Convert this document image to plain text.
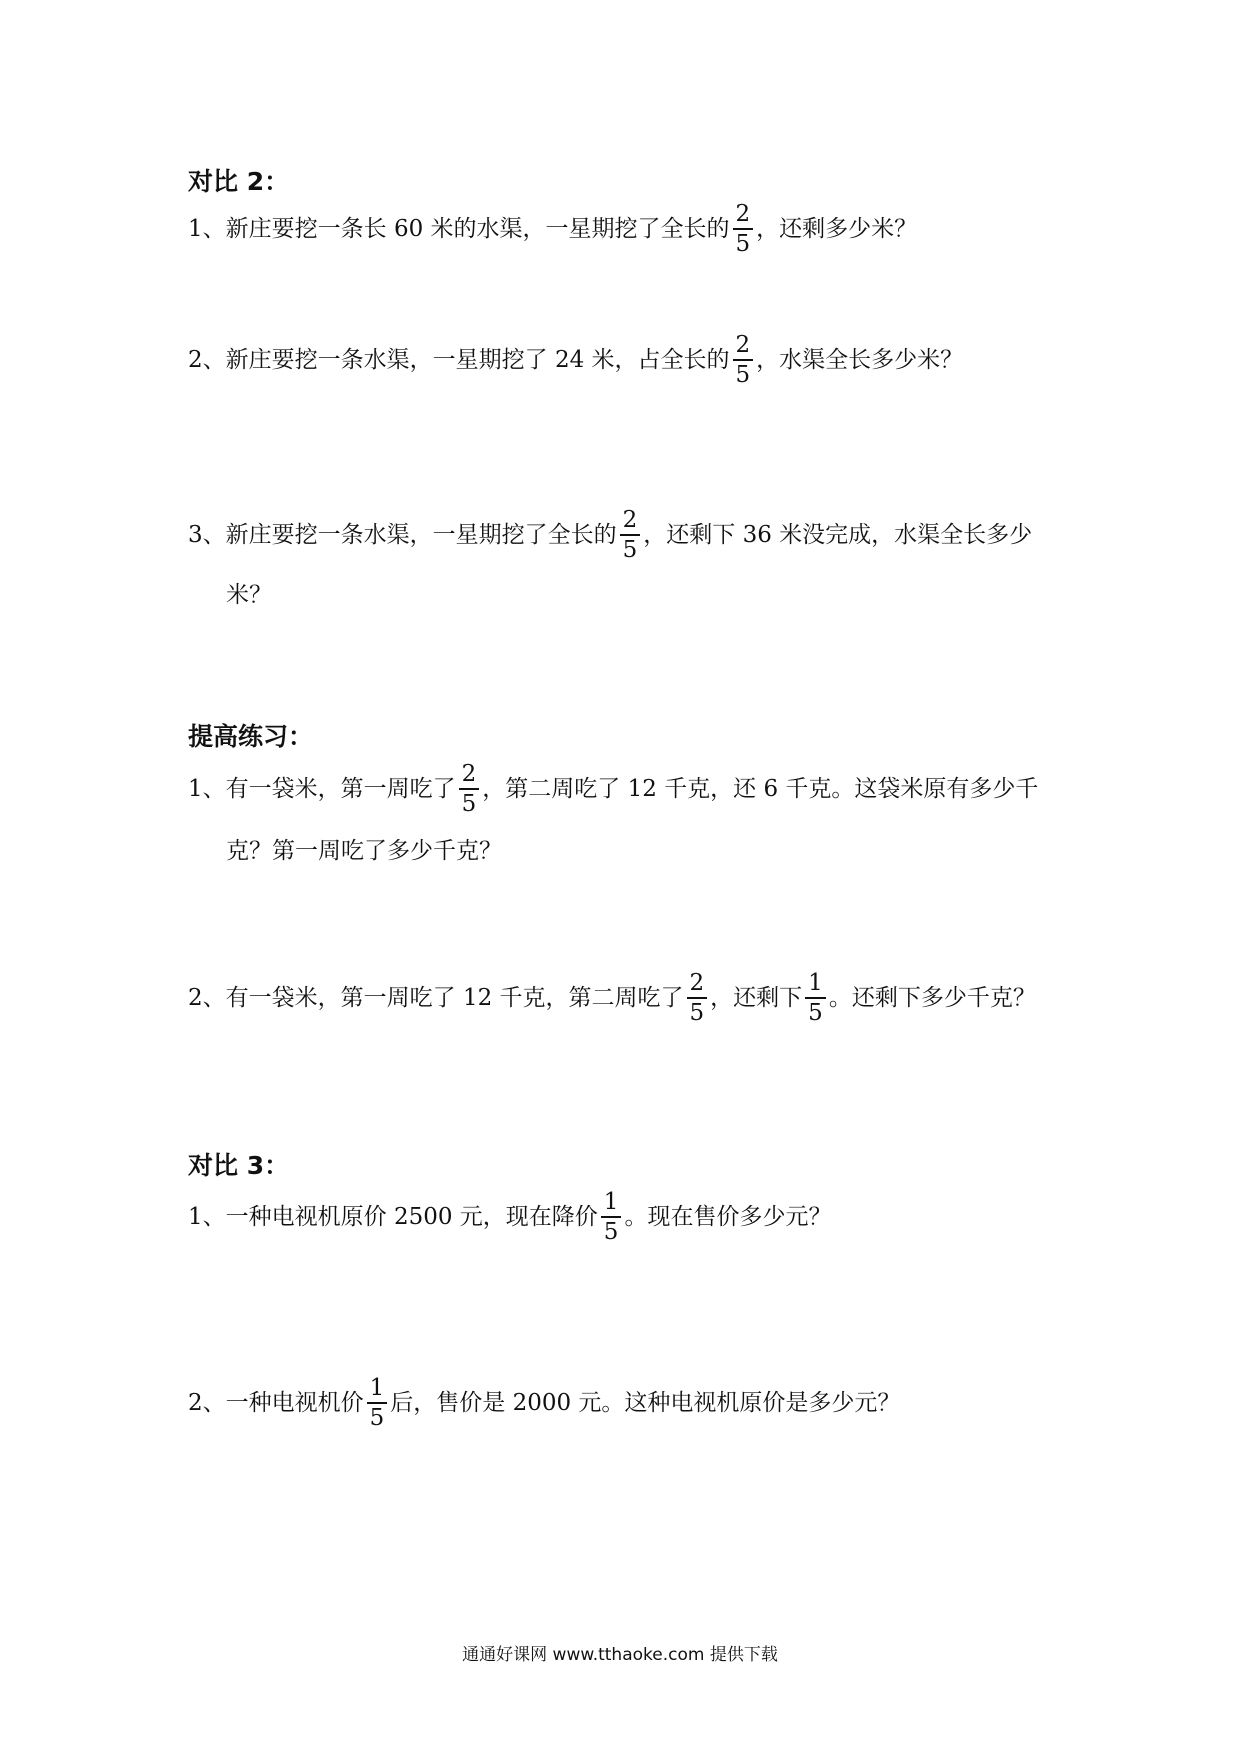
对比 2：
1、新庄要挖一条长 60 米的水渠，一星期挖了全长的 $\frac{2}{5}$ ，还剩多少米？
2、新庄要挖一条水渠，一星期挖了 24 米，占全长的 $\frac{2}{5}$ ，水渠全长多少米？
3、新庄要挖一条水渠，一星期挖了全长的 $\frac{2}{5}$ ，还剩下 36 米没完成，水渠全长多少
米？
提高练习：
1、有一袋米，第一周吃了 $\frac{2}{5}$ ，第二周吃了 12 千克，还 6 千克。这袋米原有多少千
克？第一周吃了多少千克？
2、有一袋米，第一周吃了 12 千克，第二周吃了 $\frac{2}{5}$ ，还剩下 $\frac{1}{5}$ 。还剩下多少千克？
对比 3：
1、一种电视机原价 2500 元，现在降价 $\frac{1}{5}$ 。现在售价多少元？
2、一种电视机价 $\frac{1}{5}$ 后，售价是 2000 元。这种电视机原价是多少元？
通通好课网 www.tthaoke.com 提供下载
